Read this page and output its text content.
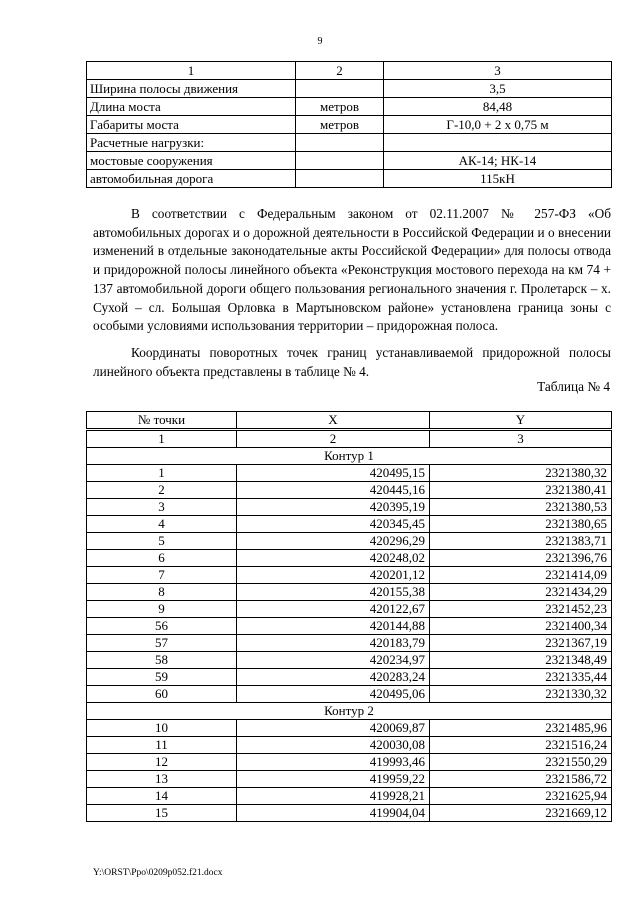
9
1	2	3
Ширина полосы движения		3,5
Длина моста	метров	84,48
Габариты моста	метров	Г-10,0 + 2 х 0,75 м
Расчетные нагрузки:		
мостовые сооружения		АК-14; НК-14
автомобильная дорога		115кН

В соответствии с Федеральным законом от 02.11.2007 № 257-ФЗ «Об автомобильных дорогах и о дорожной деятельности в Российской Федерации и о внесении изменений в отдельные законодательные акты Российской Федерации» для полосы отвода и придорожной полосы линейного объекта «Реконструкция мостового перехода на км 74 + 137 автомобильной дороги общего пользования регионального значения г. Пролетарск – х. Сухой – сл. Большая Орловка в Мартыновском районе» установлена граница зоны с особыми условиями использования территории – придорожная полоса.

Координаты поворотных точек границ устанавливаемой придорожной полосы линейного объекта представлены в таблице № 4.

Таблица № 4
№ точки	X	Y
1	2	3
Контур 1		
1	420495,15	2321380,32
2	420445,16	2321380,41
3	420395,19	2321380,53
4	420345,45	2321380,65
5	420296,29	2321383,71
6	420248,02	2321396,76
7	420201,12	2321414,09
8	420155,38	2321434,29
9	420122,67	2321452,23
56	420144,88	2321400,34
57	420183,79	2321367,19
58	420234,97	2321348,49
59	420283,24	2321335,44
60	420495,06	2321330,32
Контур 2		
10	420069,87	2321485,96
11	420030,08	2321516,24
12	419993,46	2321550,29
13	419959,22	2321586,72
14	419928,21	2321625,94
15	419904,04	2321669,12
Y:\ORST\Ppo\0209p052.f21.docx
